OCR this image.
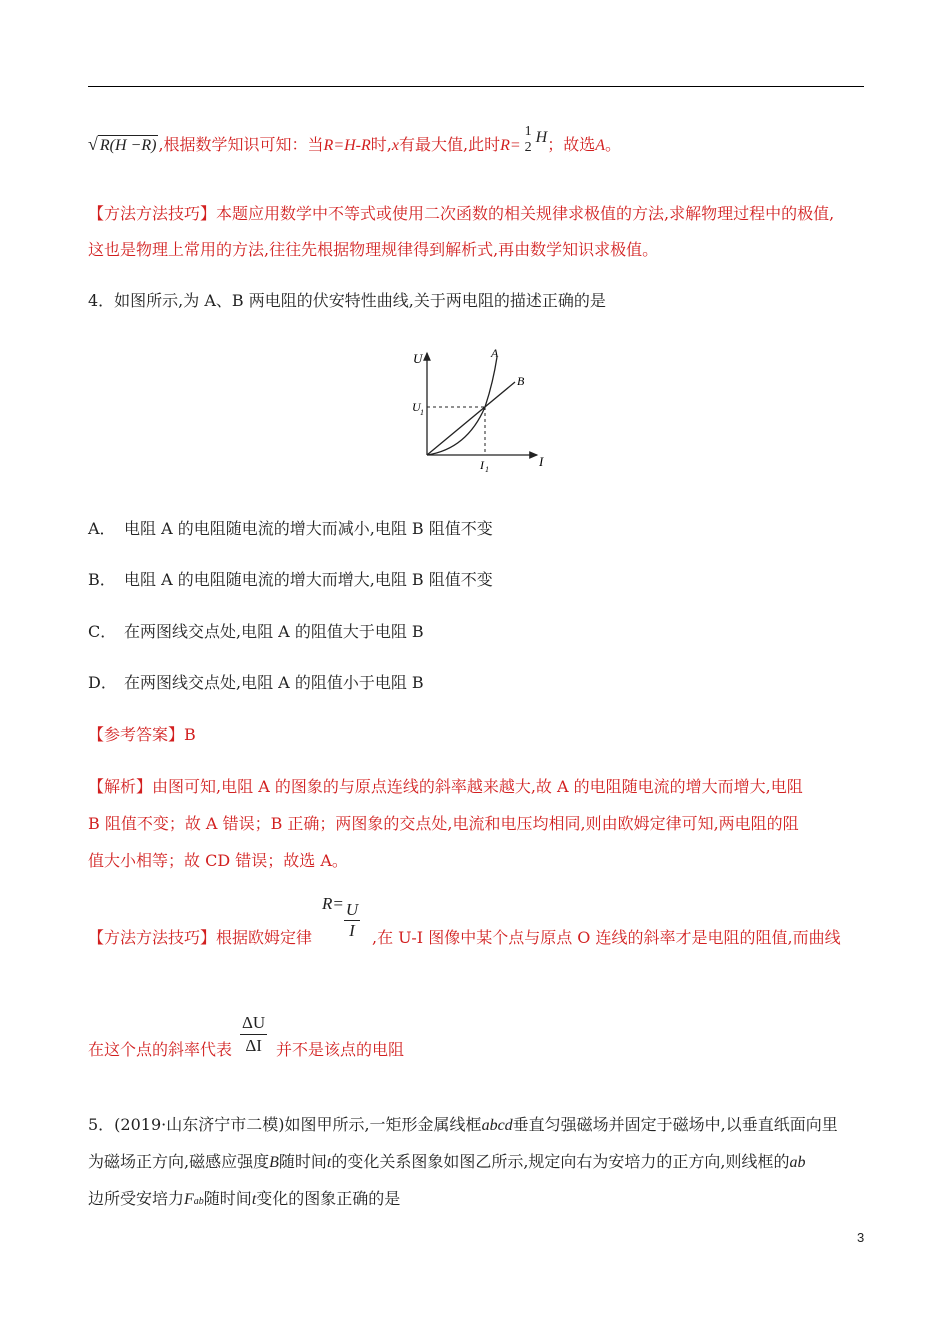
√ R(H −R) ,根据数学知识可知：当R=H-R时,x有最大值,此时R=
1
2
H；故选A。
【方法方法技巧】本题应用数学中不等式或使用二次函数的相关规律求极值的方法,求解物理过程中的极值,
这也是物理上常用的方法,往往先根据物理规律得到解析式,再由数学知识求极值。
4．如图所示,为 A、B 两电阻的伏安特性曲线,关于两电阻的描述正确的是
U
I
A
B
U 1
I 1
A． 电阻 A 的电阻随电流的增大而减小,电阻 B 阻值不变
B． 电阻 A 的电阻随电流的增大而增大,电阻 B 阻值不变
C． 在两图线交点处,电阻 A 的阻值大于电阻 B
D． 在两图线交点处,电阻 A 的阻值小于电阻 B
【参考答案】B
【解析】由图可知,电阻 A 的图象的与原点连线的斜率越来越大,故 A 的电阻随电流的增大而增大,电阻
B 阻值不变；故 A 错误；B 正确；两图象的交点处,电流和电压均相同,则由欧姆定律可知,两电阻的阻
值大小相等；故 CD 错误；故选 A。
【方法方法技巧】根据欧姆定律
$R= \frac{U}{I}$ ,在 U-I 图像中某个点与原点 O 连线的斜率才是电阻的阻值,而曲线
在这个点的斜率代表 $\frac{\Delta U}{\Delta I}$ 并不是该点的电阻
5．(2019·山东济宁市二模)如图甲所示,一矩形金属线框abcd垂直匀强磁场并固定于磁场中,以垂直纸面向里
为磁场正方向,磁感应强度B随时间t的变化关系图象如图乙所示,规定向右为安培力的正方向,则线框的ab
边所受安培力Fab随时间t变化的图象正确的是
3
